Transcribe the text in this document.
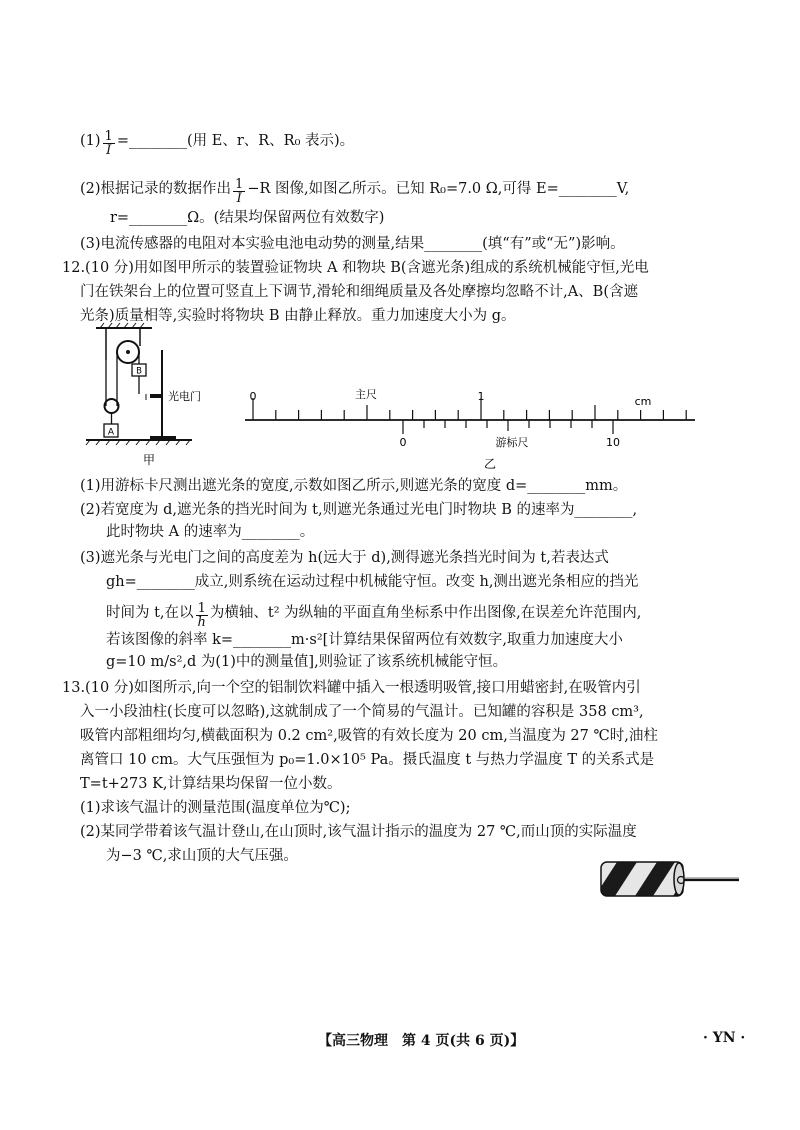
$(1) \frac{1}{I}$ =________(用 E、r、R、R₀ 表示)。
(2)根据记录的数据作出 $\frac{1}{I} -R$ 图像,如图乙所示。已知 R₀=7.0 Ω,可得 E=________V,
r=________Ω。(结果均保留两位有效数字)
(3)电流传感器的电阻对本实验电池电动势的测量,结果________(填“有”或“无”)影响。
12.(10 分)用如图甲所示的装置验证物块 A 和物块 B(含遮光条)组成的系统机械能守恒,光电
门在铁架台上的位置可竖直上下调节,滑轮和细绳质量及各处摩擦均忽略不计,A、B(含遮
光条)质量相等,实验时将物块 B 由静止释放。重力加速度大小为 g。
A
B
光电门
甲
0	主尺	1	cm
0	游标尺	10
乙
(1)用游标卡尺测出遮光条的宽度,示数如图乙所示,则遮光条的宽度 d=________mm。
(2)若宽度为 d,遮光条的挡光时间为 t,则遮光条通过光电门时物块 B 的速率为________,
此时物块 A 的速率为________。
(3)遮光条与光电门之间的高度差为 h(远大于 d),测得遮光条挡光时间为 t,若表达式
gh=________成立,则系统在运动过程中机械能守恒。改变 h,测出遮光条相应的挡光
时间为 t,在以 $\frac{1}{h}$ 为横轴、t² 为纵轴的平面直角坐标系中作出图像,在误差允许范围内,
若该图像的斜率 k=________m·s²[计算结果保留两位有效数字,取重力加速度大小
g=10 m/s²,d 为(1)中的测量值],则验证了该系统机械能守恒。
13.(10 分)如图所示,向一个空的铝制饮料罐中插入一根透明吸管,接口用蜡密封,在吸管内引
入一小段油柱(长度可以忽略),这就制成了一个简易的气温计。已知罐的容积是 358 cm³,
吸管内部粗细均匀,横截面积为 0.2 cm²,吸管的有效长度为 20 cm,当温度为 27 ℃时,油柱
离管口 10 cm。大气压强恒为 p₀=1.0×10⁵ Pa。摄氏温度 t 与热力学温度 T 的关系式是
T=t+273 K,计算结果均保留一位小数。
(1)求该气温计的测量范围(温度单位为℃);
(2)某同学带着该气温计登山,在山顶时,该气温计指示的温度为 27 ℃,而山顶的实际温度
为−3 ℃,求山顶的大气压强。
【高三物理　第 4 页(共 6 页)】	· YN ·
